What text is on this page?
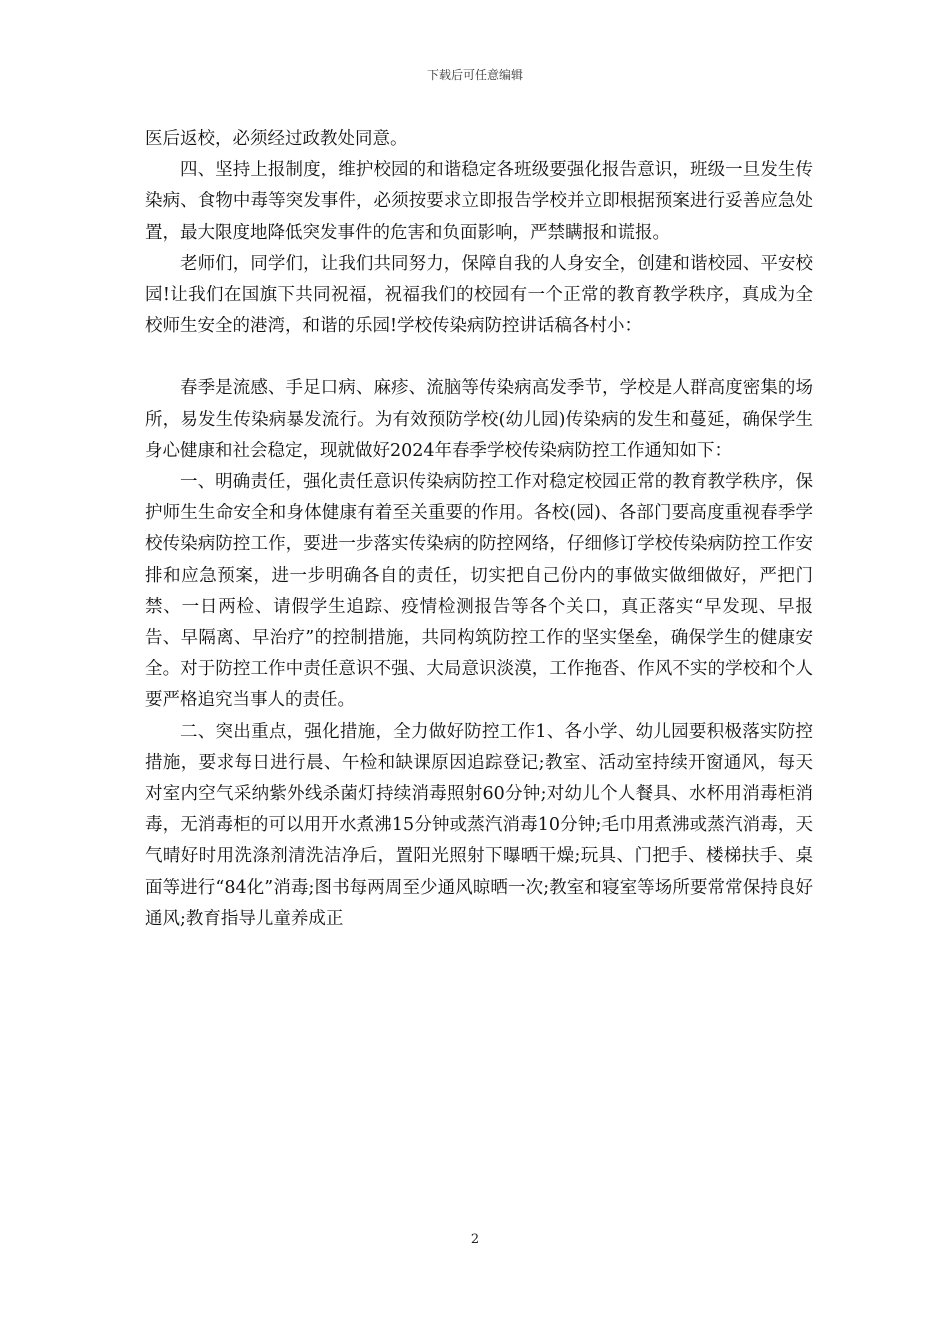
下载后可任意编辑

医后返校，必须经过政教处同意。

四、坚持上报制度，维护校园的和谐稳定各班级要强化报告意识，班级一旦发生传染病、食物中毒等突发事件，必须按要求立即报告学校并立即根据预案进行妥善应急处置，最大限度地降低突发事件的危害和负面影响，严禁瞒报和谎报。

老师们，同学们，让我们共同努力，保障自我的人身安全，创建和谐校园、平安校园!让我们在国旗下共同祝福，祝福我们的校园有一个正常的教育教学秩序，真成为全校师生安全的港湾，和谐的乐园!学校传染病防控讲话稿各村小：

春季是流感、手足口病、麻疹、流脑等传染病高发季节，学校是人群高度密集的场所，易发生传染病暴发流行。为有效预防学校(幼儿园)传染病的发生和蔓延，确保学生身心健康和社会稳定，现就做好2024年春季学校传染病防控工作通知如下：

一、明确责任，强化责任意识传染病防控工作对稳定校园正常的教育教学秩序，保护师生生命安全和身体健康有着至关重要的作用。各校(园)、各部门要高度重视春季学校传染病防控工作，要进一步落实传染病的防控网络，仔细修订学校传染病防控工作安排和应急预案，进一步明确各自的责任，切实把自己份内的事做实做细做好，严把门禁、一日两检、请假学生追踪、疫情检测报告等各个关口，真正落实“早发现、早报告、早隔离、早治疗”的控制措施，共同构筑防控工作的坚实堡垒，确保学生的健康安全。对于防控工作中责任意识不强、大局意识淡漠，工作拖沓、作风不实的学校和个人要严格追究当事人的责任。

二、突出重点，强化措施，全力做好防控工作1、各小学、幼儿园要积极落实防控措施，要求每日进行晨、午检和缺课原因追踪登记;教室、活动室持续开窗通风，每天对室内空气采纳紫外线杀菌灯持续消毒照射60分钟;对幼儿个人餐具、水杯用消毒柜消毒，无消毒柜的可以用开水煮沸15分钟或蒸汽消毒10分钟;毛巾用煮沸或蒸汽消毒，天气晴好时用洗涤剂清洗洁净后，置阳光照射下曝晒干燥;玩具、门把手、楼梯扶手、桌面等进行“84化”消毒;图书每两周至少通风晾晒一次;教室和寝室等场所要常常保持良好通风;教育指导儿童养成正

2
